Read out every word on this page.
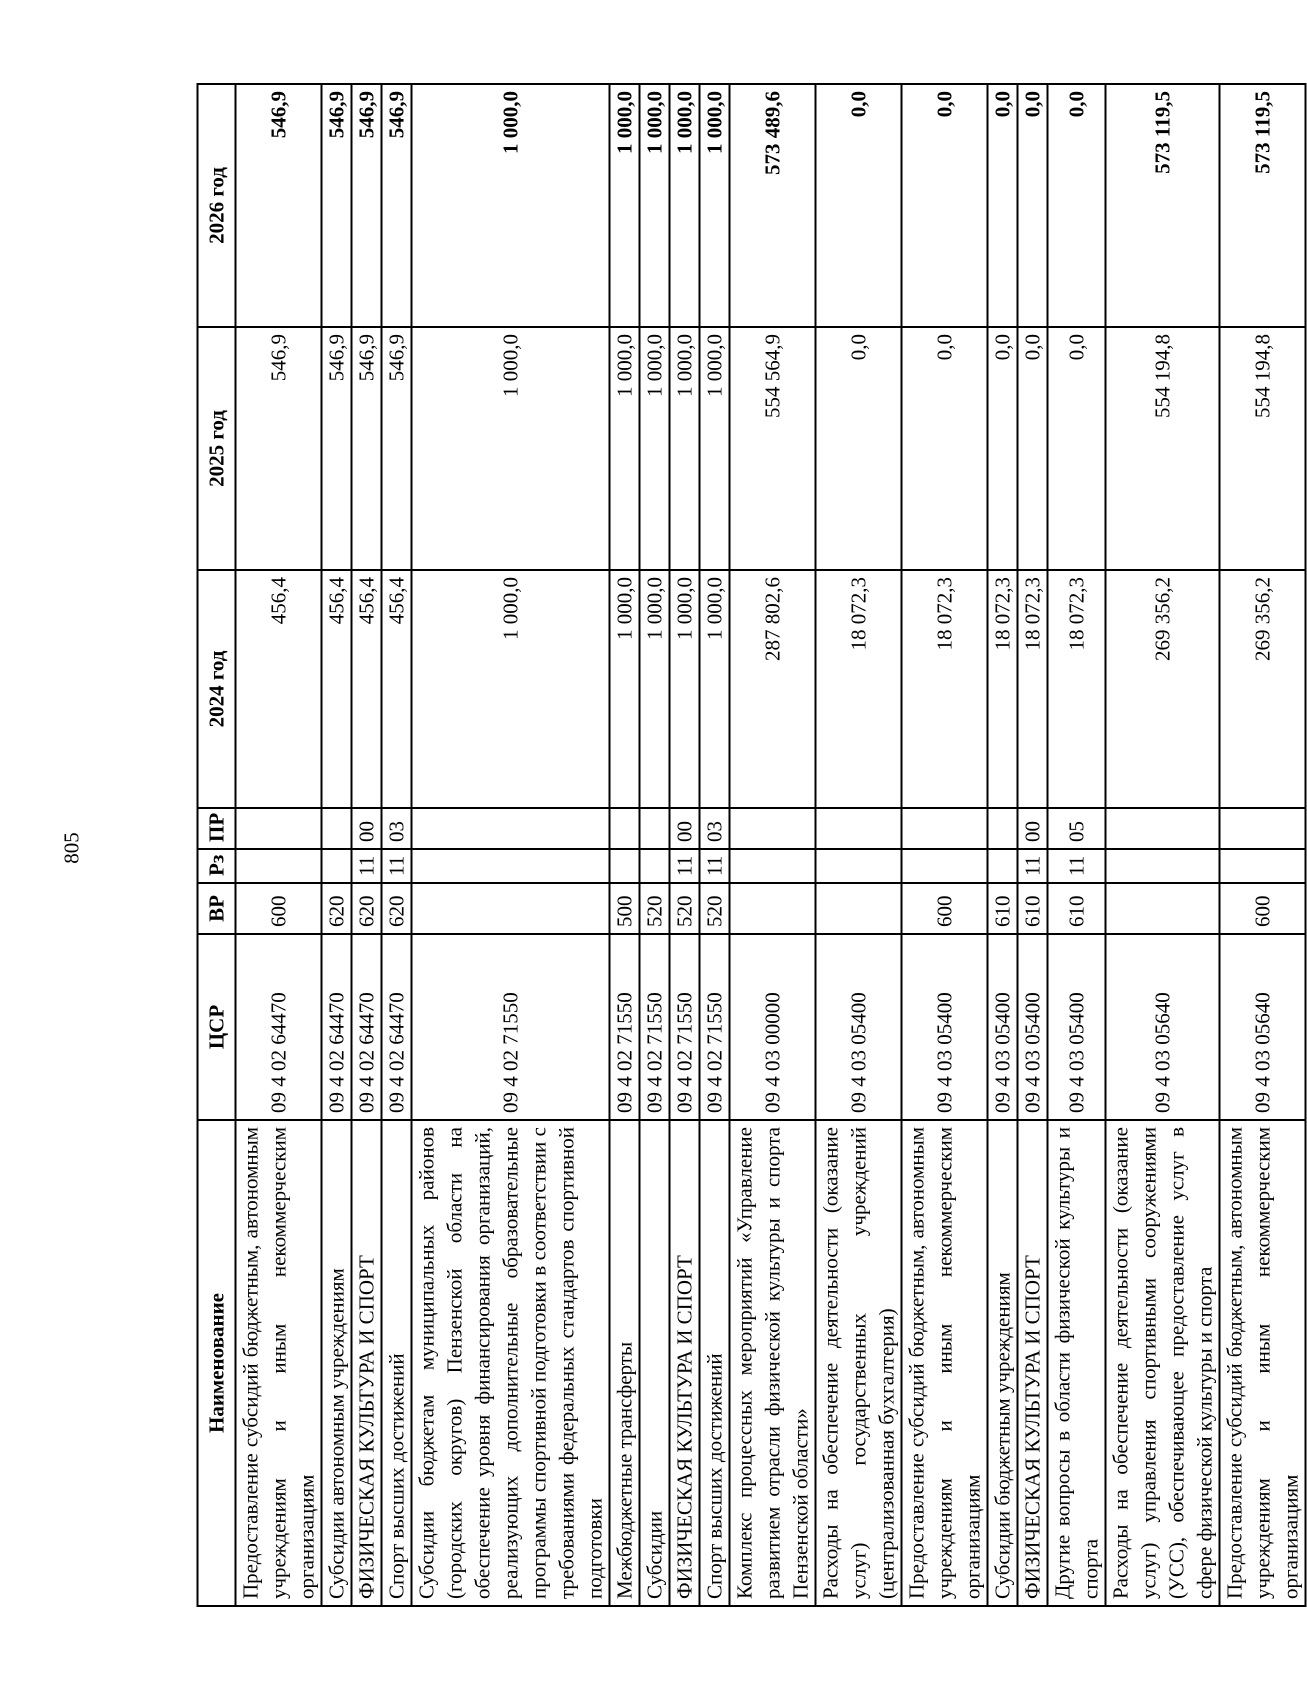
805
Наименование	ЦСР	ВР	Рз	ПР	2024 год	2025 год	2026 год
Предоставление субсидий бюджетным, автономным учреждениям и иным некоммерческим организациям	09 4 02 64470	600			456,4	546,9	546,9
Субсидии автономным учреждениям	09 4 02 64470	620			456,4	546,9	546,9
ФИЗИЧЕСКАЯ КУЛЬТУРА И СПОРТ	09 4 02 64470	620	11	00	456,4	546,9	546,9
Спорт высших достижений	09 4 02 64470	620	11	03	456,4	546,9	546,9
Субсидии бюджетам муниципальных районов (городских округов) Пензенской области на обеспечение уровня финансирования организаций, реализующих дополнительные образовательные программы спортивной подготовки в соответствии с требованиями федеральных стандартов спортивной подготовки	09 4 02 71550				1 000,0	1 000,0	1 000,0
Межбюджетные трансферты	09 4 02 71550	500			1 000,0	1 000,0	1 000,0
Субсидии	09 4 02 71550	520			1 000,0	1 000,0	1 000,0
ФИЗИЧЕСКАЯ КУЛЬТУРА И СПОРТ	09 4 02 71550	520	11	00	1 000,0	1 000,0	1 000,0
Спорт высших достижений	09 4 02 71550	520	11	03	1 000,0	1 000,0	1 000,0
Комплекс процессных мероприятий «Управление развитием отрасли физической культуры и спорта Пензенской области»	09 4 03 00000				287 802,6	554 564,9	573 489,6
Расходы на обеспечение деятельности (оказание услуг) государственных учреждений (централизованная бухгалтерия)	09 4 03 05400				18 072,3	0,0	0,0
Предоставление субсидий бюджетным, автономным учреждениям и иным некоммерческим организациям	09 4 03 05400	600			18 072,3	0,0	0,0
Субсидии бюджетным учреждениям	09 4 03 05400	610			18 072,3	0,0	0,0
ФИЗИЧЕСКАЯ КУЛЬТУРА И СПОРТ	09 4 03 05400	610	11	00	18 072,3	0,0	0,0
Другие вопросы в области физической культуры и спорта	09 4 03 05400	610	11	05	18 072,3	0,0	0,0
Расходы на обеспечение деятельности (оказание услуг) управления спортивными сооружениями (УСС), обеспечивающее предоставление услуг в сфере физической культуры и спорта	09 4 03 05640				269 356,2	554 194,8	573 119,5
Предоставление субсидий бюджетным, автономным учреждениям и иным некоммерческим организациям	09 4 03 05640	600			269 356,2	554 194,8	573 119,5
